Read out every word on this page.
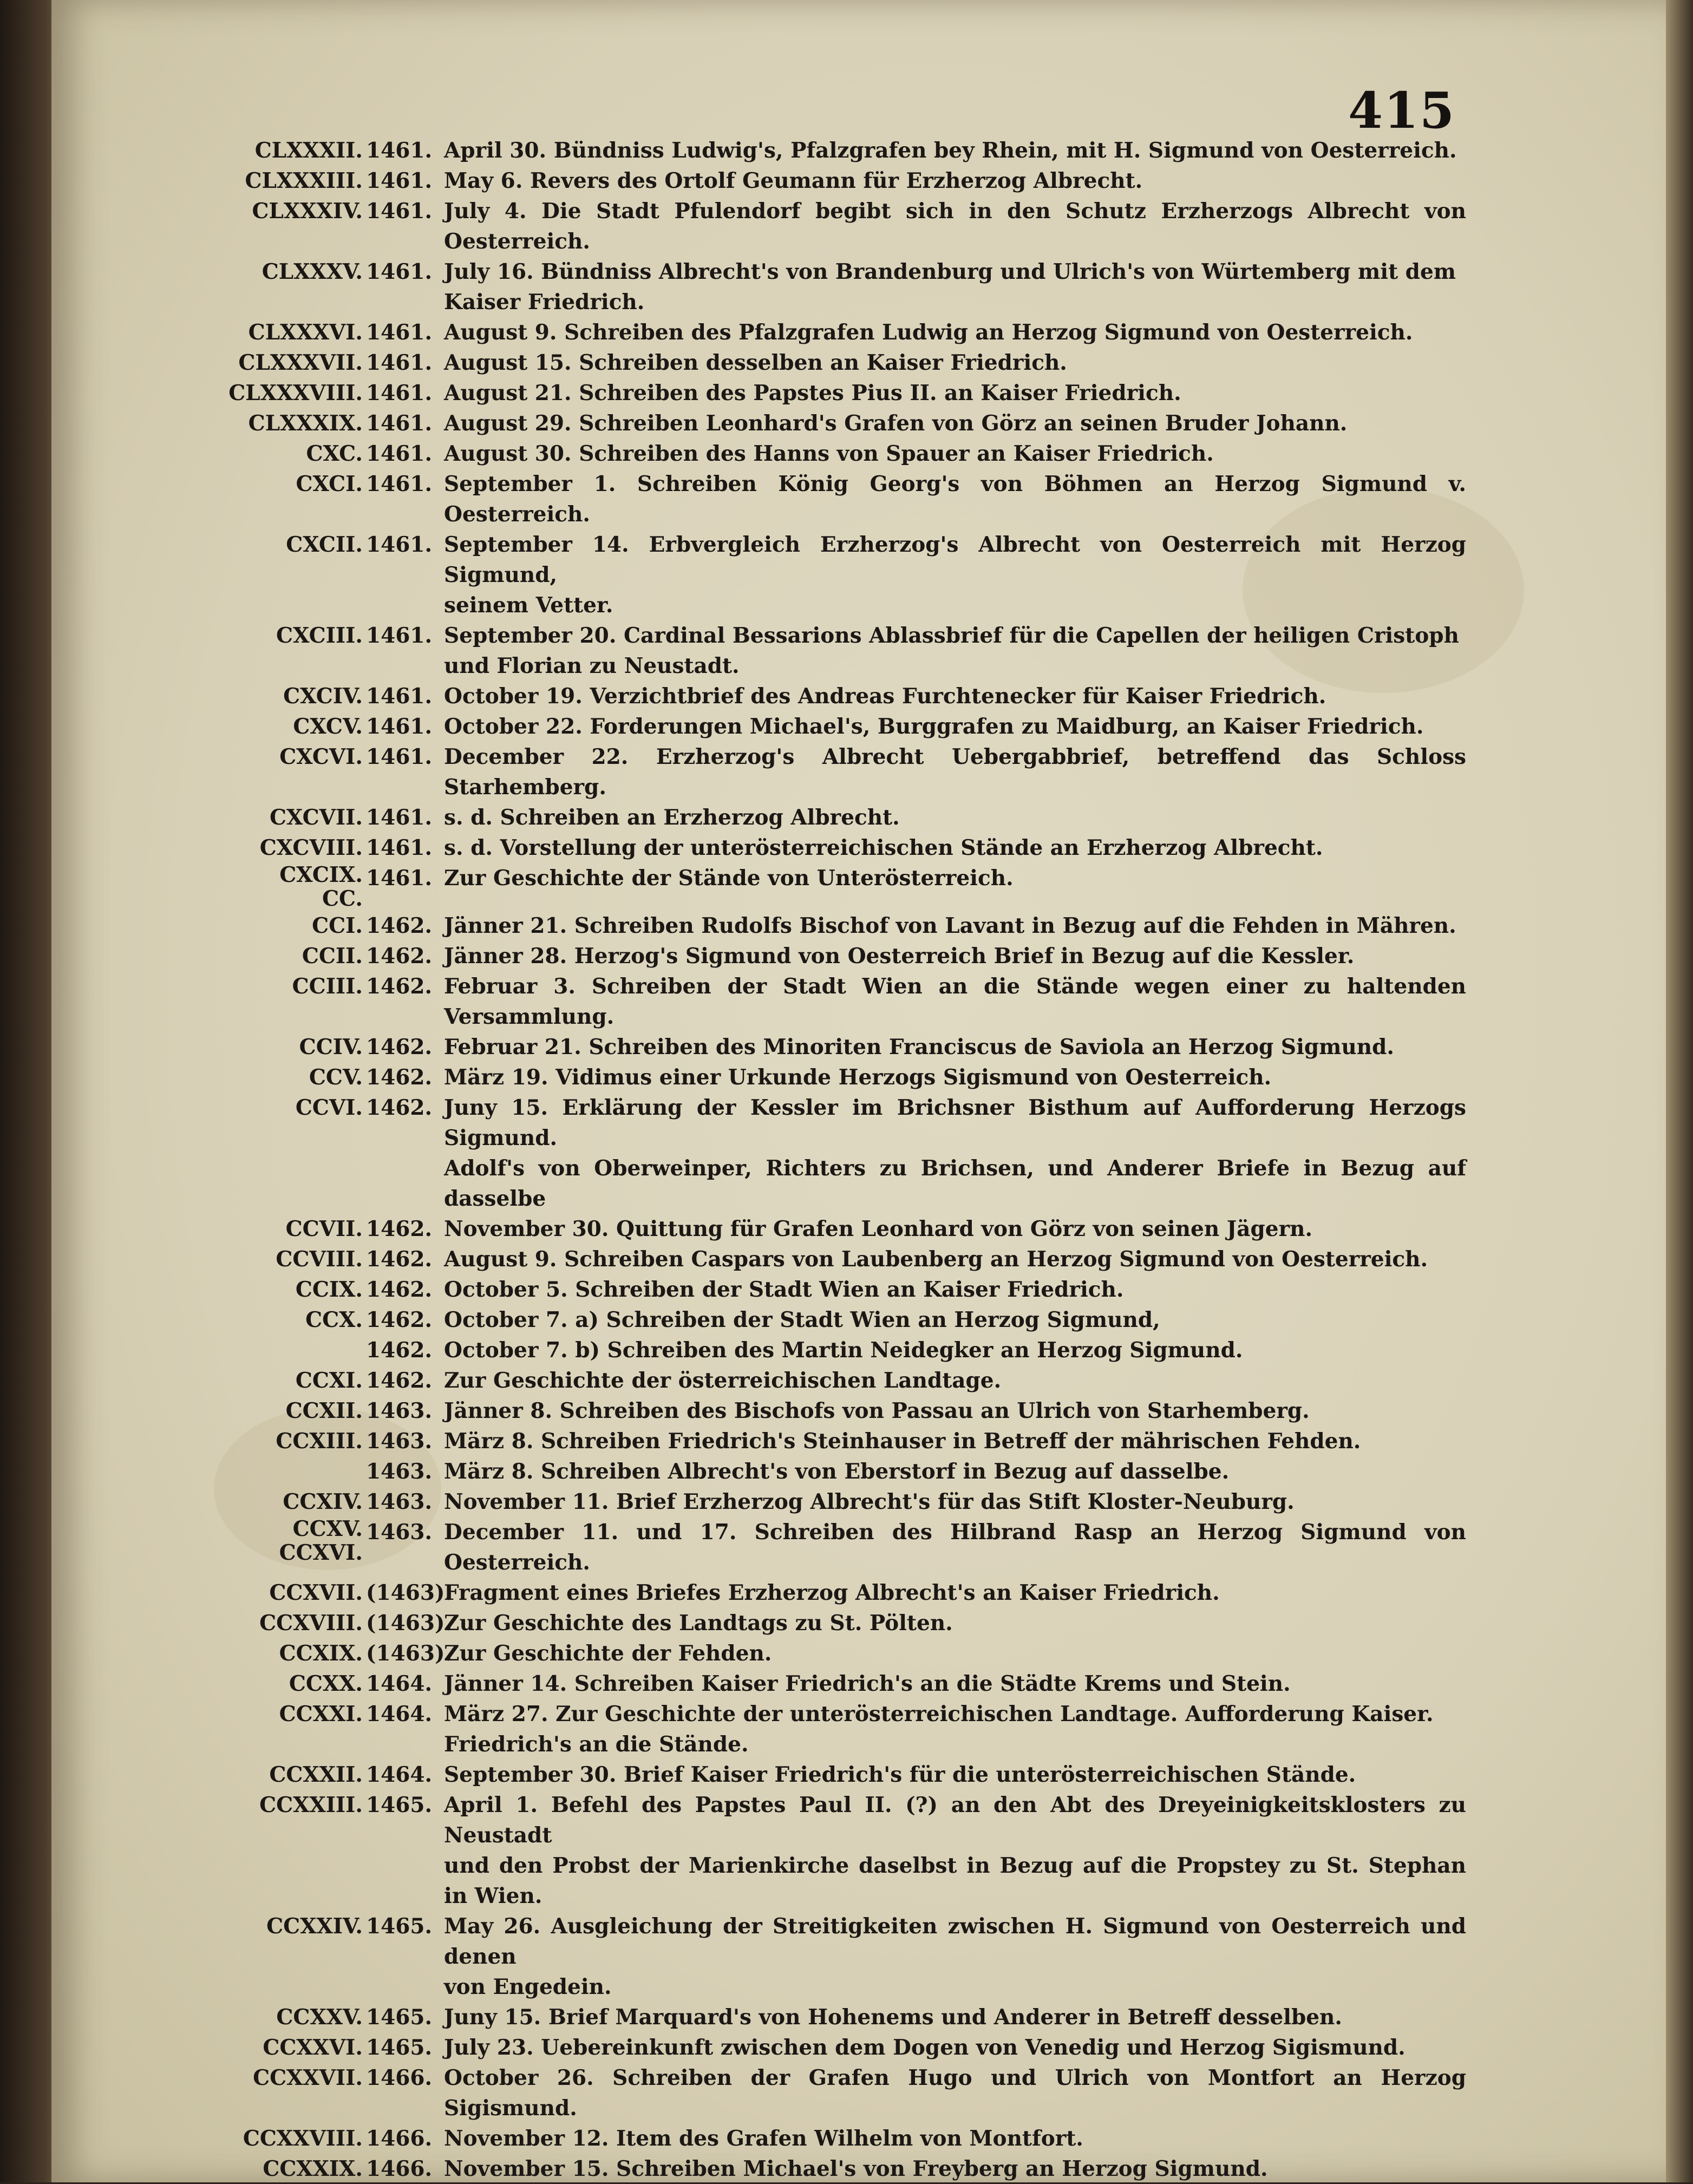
415
CLXXXII. 1461. April 30. Bündniss Ludwig's, Pfalzgrafen bey Rhein, mit H. Sigmund von Oesterreich.
CLXXXIII. 1461. May 6. Revers des Ortolf Geumann für Erzherzog Albrecht.
CLXXXIV. 1461. July 4. Die Stadt Pfulendorf begibt sich in den Schutz Erzherzogs Albrecht von Oesterreich.
CLXXXV. 1461. July 16. Bündniss Albrecht's von Brandenburg und Ulrich's von Würtemberg mit dem
Kaiser Friedrich.
CLXXXVI. 1461. August 9. Schreiben des Pfalzgrafen Ludwig an Herzog Sigmund von Oesterreich.
CLXXXVII. 1461. August 15. Schreiben desselben an Kaiser Friedrich.
CLXXXVIII. 1461. August 21. Schreiben des Papstes Pius II. an Kaiser Friedrich.
CLXXXIX. 1461. August 29. Schreiben Leonhard's Grafen von Görz an seinen Bruder Johann.
CXC. 1461. August 30. Schreiben des Hanns von Spauer an Kaiser Friedrich.
CXCI. 1461. September 1. Schreiben König Georg's von Böhmen an Herzog Sigmund v. Oesterreich.
CXCII. 1461. September 14. Erbvergleich Erzherzog's Albrecht von Oesterreich mit Herzog Sigmund,
seinem Vetter.
CXCIII. 1461. September 20. Cardinal Bessarions Ablassbrief für die Capellen der heiligen Cristoph
und Florian zu Neustadt.
CXCIV. 1461. October 19. Verzichtbrief des Andreas Furchtenecker für Kaiser Friedrich.
CXCV. 1461. October 22. Forderungen Michael's, Burggrafen zu Maidburg, an Kaiser Friedrich.
CXCVI. 1461. December 22. Erzherzog's Albrecht Uebergabbrief, betreffend das Schloss Starhemberg.
CXCVII. 1461. s. d. Schreiben an Erzherzog Albrecht.
CXCVIII. 1461. s. d. Vorstellung der unterösterreichischen Stände an Erzherzog Albrecht.
CXCIX.
CC.
1461. Zur Geschichte der Stände von Unterösterreich.
CCI. 1462. Jänner 21. Schreiben Rudolfs Bischof von Lavant in Bezug auf die Fehden in Mähren.
CCII. 1462. Jänner 28. Herzog's Sigmund von Oesterreich Brief in Bezug auf die Kessler.
CCIII. 1462. Februar 3. Schreiben der Stadt Wien an die Stände wegen einer zu haltenden Versammlung.
CCIV. 1462. Februar 21. Schreiben des Minoriten Franciscus de Saviola an Herzog Sigmund.
CCV. 1462. März 19. Vidimus einer Urkunde Herzogs Sigismund von Oesterreich.
CCVI. 1462. Juny 15. Erklärung der Kessler im Brichsner Bisthum auf Aufforderung Herzogs Sigmund.
Adolf's von Oberweinper, Richters zu Brichsen, und Anderer Briefe in Bezug auf dasselbe
CCVII. 1462. November 30. Quittung für Grafen Leonhard von Görz von seinen Jägern.
CCVIII. 1462. August 9. Schreiben Caspars von Laubenberg an Herzog Sigmund von Oesterreich.
CCIX. 1462. October 5. Schreiben der Stadt Wien an Kaiser Friedrich.
CCX. 1462. October 7. a) Schreiben der Stadt Wien an Herzog Sigmund,
1462. October 7. b) Schreiben des Martin Neidegker an Herzog Sigmund.
CCXI. 1462. Zur Geschichte der österreichischen Landtage.
CCXII. 1463. Jänner 8. Schreiben des Bischofs von Passau an Ulrich von Starhemberg.
CCXIII. 1463. März 8. Schreiben Friedrich's Steinhauser in Betreff der mährischen Fehden.
1463. März 8. Schreiben Albrecht's von Eberstorf in Bezug auf dasselbe.
CCXIV. 1463. November 11. Brief Erzherzog Albrecht's für das Stift Kloster-Neuburg.
CCXV.
CCXVI.
1463. December 11. und 17. Schreiben des Hilbrand Rasp an Herzog Sigmund von Oesterreich.
CCXVII. (1463).
Fragment eines Briefes Erzherzog Albrecht's an Kaiser Friedrich.
CCXVIII. (1463).
Zur Geschichte des Landtags zu St. Pölten.
CCXIX. (1463).
Zur Geschichte der Fehden.
CCXX. 1464. Jänner 14. Schreiben Kaiser Friedrich's an die Städte Krems und Stein.
CCXXI. 1464. März 27. Zur Geschichte der unterösterreichischen Landtage. Aufforderung Kaiser.
Friedrich's an die Stände.
CCXXII. 1464. September 30. Brief Kaiser Friedrich's für die unterösterreichischen Stände.
CCXXIII. 1465. April 1. Befehl des Papstes Paul II. (?) an den Abt des Dreyeinigkeitsklosters zu Neustadt
und den Probst der Marienkirche daselbst in Bezug auf die Propstey zu St. Stephan in Wien.
CCXXIV. 1465. May 26. Ausgleichung der Streitigkeiten zwischen H. Sigmund von Oesterreich und denen
von Engedein.
CCXXV. 1465. Juny 15. Brief Marquard's von Hohenems und Anderer in Betreff desselben.
CCXXVI. 1465. July 23. Uebereinkunft zwischen dem Dogen von Venedig und Herzog Sigismund.
CCXXVII. 1466. October 26. Schreiben der Grafen Hugo und Ulrich von Montfort an Herzog Sigismund.
CCXXVIII. 1466. November 12. Item des Grafen Wilhelm von Montfort.
CCXXIX. 1466. November 15. Schreiben Michael's von Freyberg an Herzog Sigmund.
